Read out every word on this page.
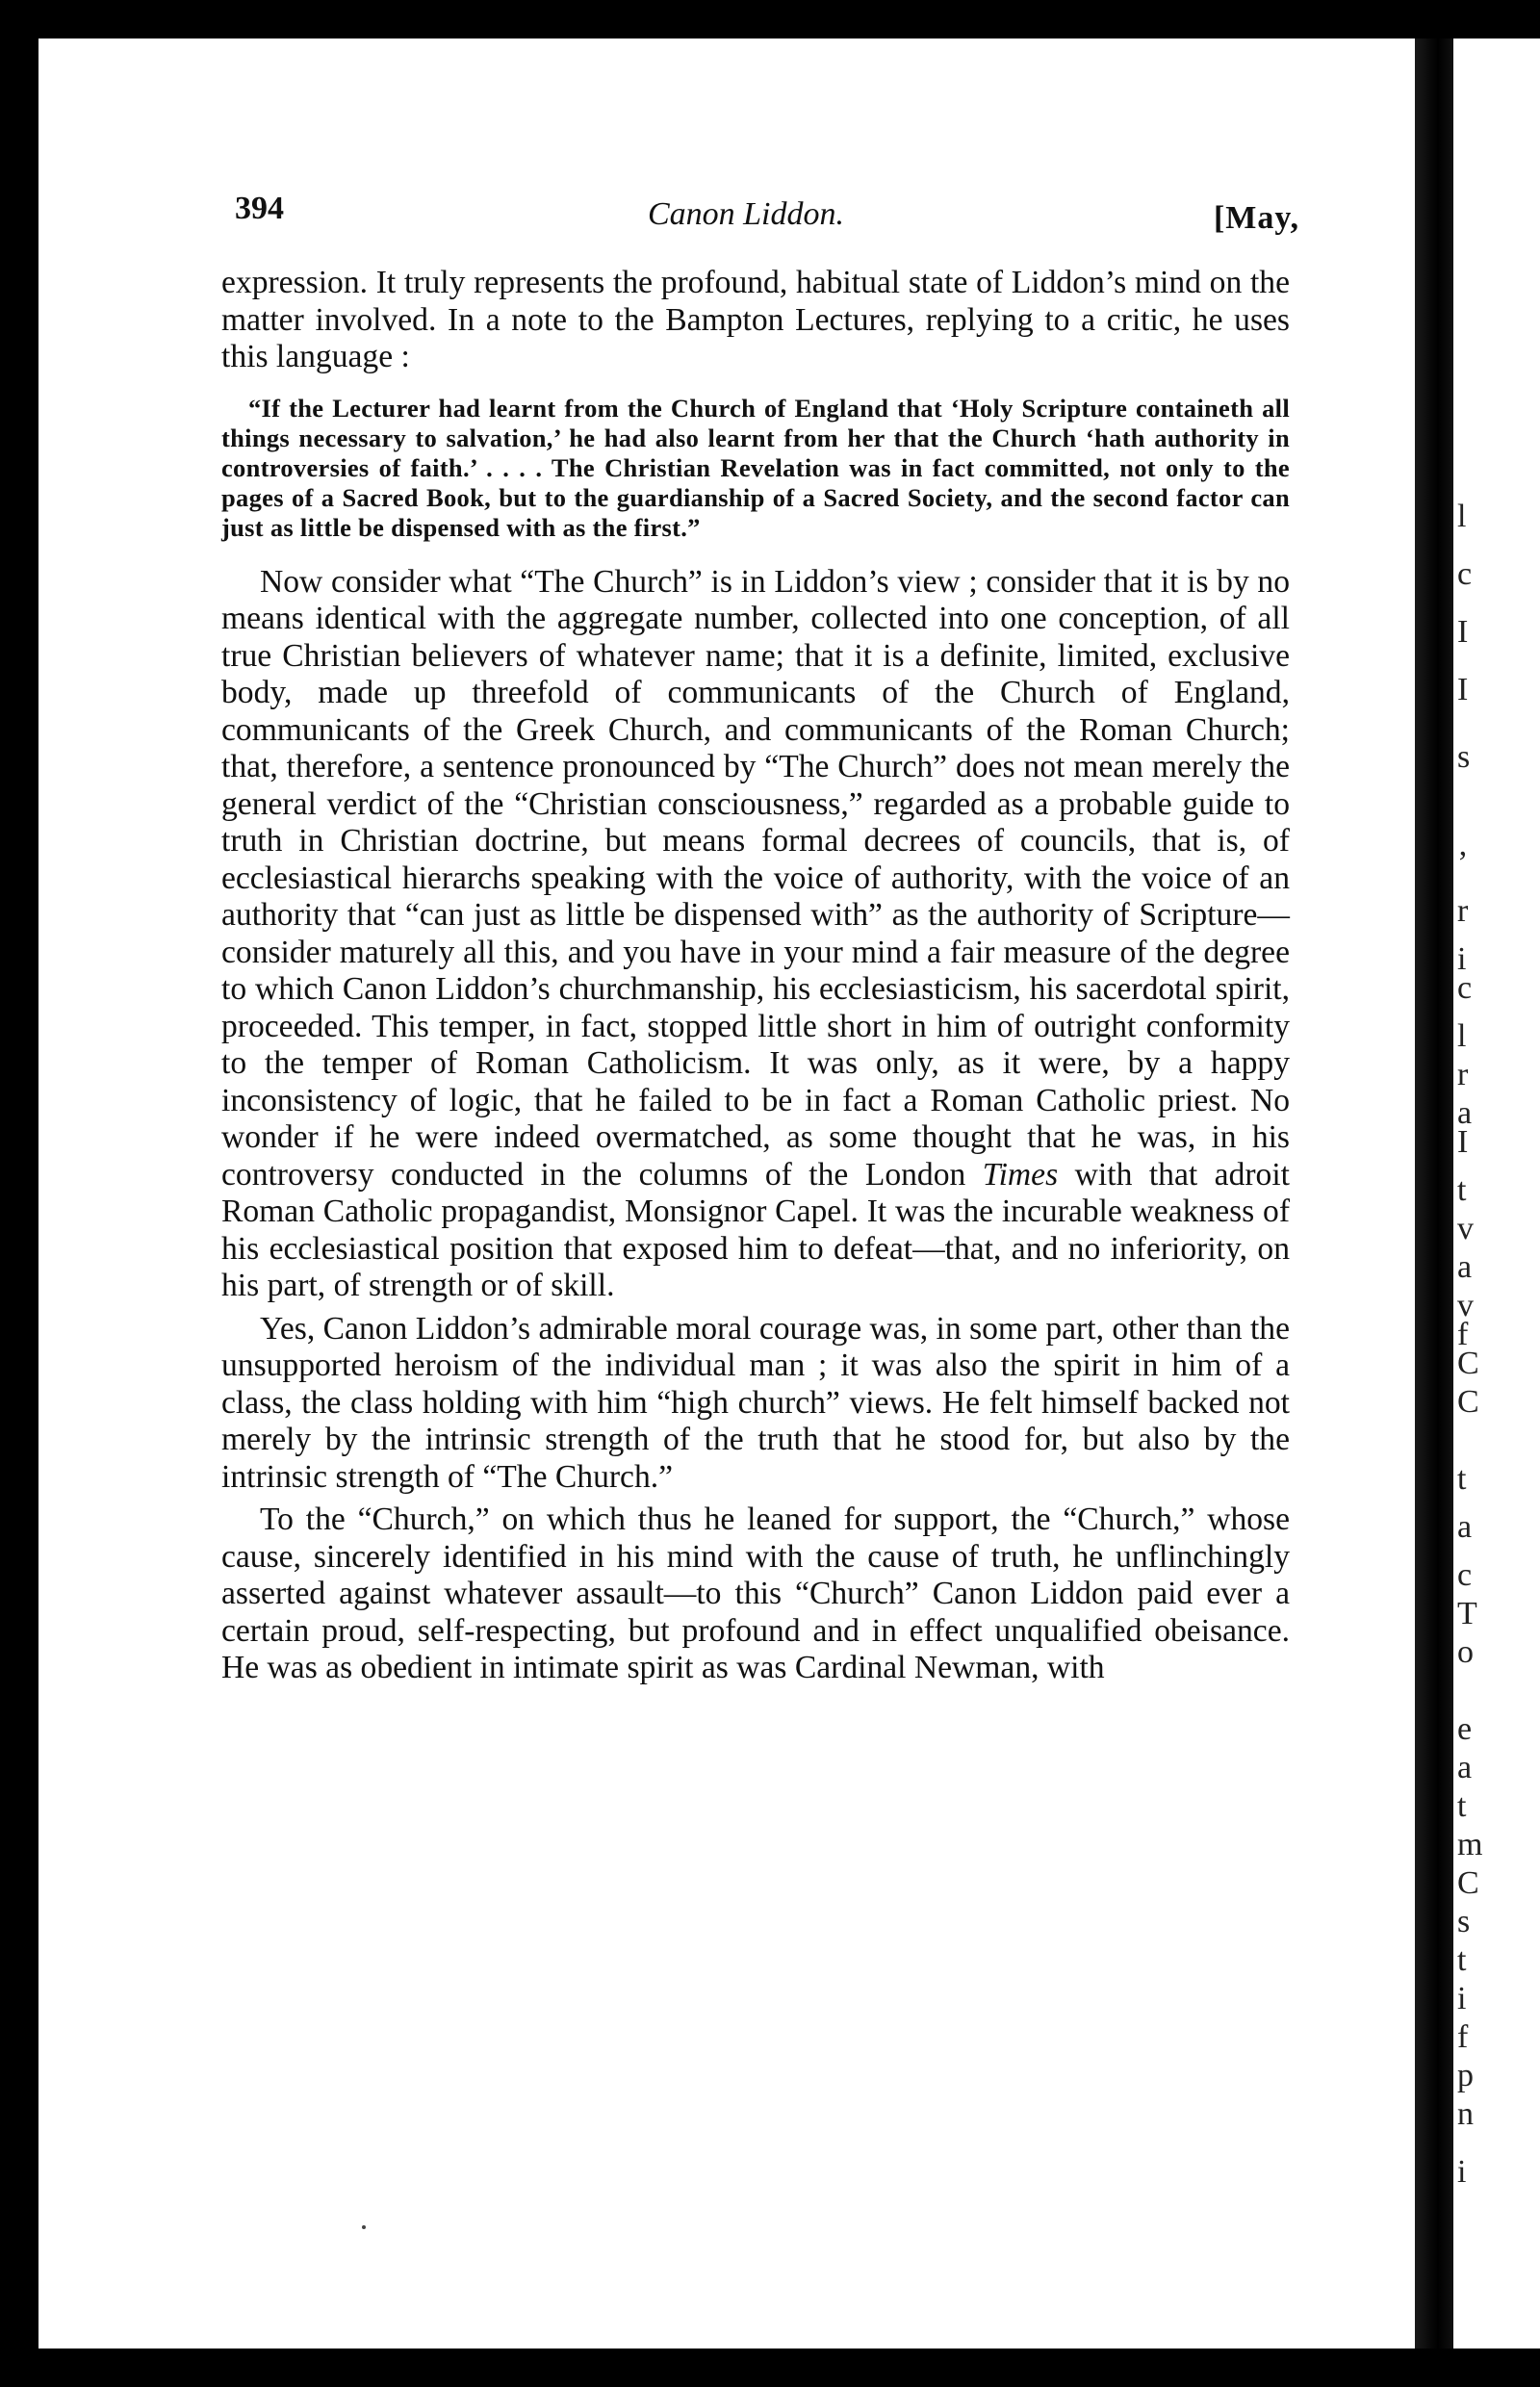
l
c
I
I
s
’
r
i
c
l
r
a
I
t
v
a
v
f
C
C
t
a
c
T
o
e
a
t
m
C
s
t
i
f
p
n
i
394	Canon Liddon.	[May,

expression. It truly represents the profound, habitual state of Liddon’s mind on the matter involved. In a note to the Bampton Lectures, replying to a critic, he uses this language :

“If the Lecturer had learnt from the Church of England that ‘Holy Scripture containeth all things necessary to salvation,’ he had also learnt from her that the Church ‘hath authority in controversies of faith.’ . . . . The Christian Revelation was in fact committed, not only to the pages of a Sacred Book, but to the guardianship of a Sacred Society, and the second factor can just as little be dispensed with as the first.”

Now consider what “The Church” is in Liddon’s view ; consider that it is by no means identical with the aggregate number, collected into one conception, of all true Christian believers of whatever name; that it is a definite, limited, exclusive body, made up threefold of communicants of the Church of England, communicants of the Greek Church, and communicants of the Roman Church; that, therefore, a sentence pronounced by “The Church” does not mean merely the general verdict of the “Christian consciousness,” regarded as a probable guide to truth in Christian doctrine, but means formal decrees of councils, that is, of ecclesiastical hierarchs speaking with the voice of authority, with the voice of an authority that “can just as little be dispensed with” as the authority of Scripture—consider maturely all this, and you have in your mind a fair measure of the degree to which Canon Liddon’s churchmanship, his ecclesiasticism, his sacerdotal spirit, proceeded. This temper, in fact, stopped little short in him of outright conformity to the temper of Roman Catholicism. It was only, as it were, by a happy inconsistency of logic, that he failed to be in fact a Roman Catholic priest. No wonder if he were indeed overmatched, as some thought that he was, in his controversy conducted in the columns of the London Times with that adroit Roman Catholic propagandist, Monsignor Capel. It was the incurable weakness of his ecclesiastical position that exposed him to defeat—that, and no inferiority, on his part, of strength or of skill.

Yes, Canon Liddon’s admirable moral courage was, in some part, other than the unsupported heroism of the individual man ; it was also the spirit in him of a class, the class holding with him “high church” views. He felt himself backed not merely by the intrinsic strength of the truth that he stood for, but also by the intrinsic strength of “The Church.”

To the “Church,” on which thus he leaned for support, the “Church,” whose cause, sincerely identified in his mind with the cause of truth, he unflinchingly asserted against whatever assault—to this “Church” Canon Liddon paid ever a certain proud, self-respecting, but profound and in effect unqualified obeisance. He was as obedient in intimate spirit as was Cardinal Newman, with
